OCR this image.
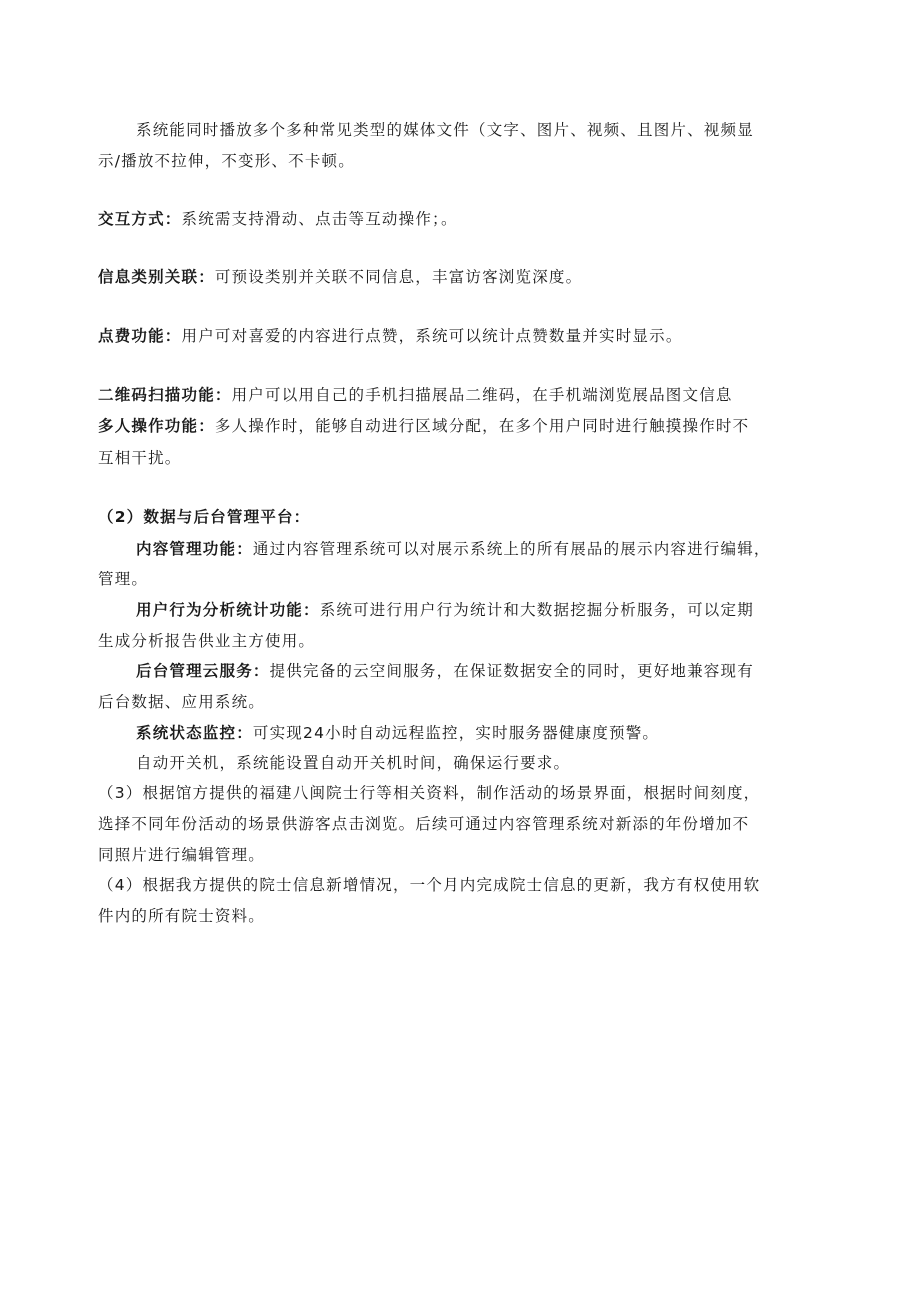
系统能同时播放多个多种常见类型的媒体文件（文字、图片、视频、且图片、视频显
示/播放不拉伸，不变形、不卡顿。
交互方式：系统需支持滑动、点击等互动操作；。
信息类别关联：可预设类别并关联不同信息，丰富访客浏览深度。
点费功能：用户可对喜爱的内容进行点赞，系统可以统计点赞数量并实时显示。
二维码扫描功能：用户可以用自己的手机扫描展品二维码，在手机端浏览展品图文信息
多人操作功能：多人操作时，能够自动进行区域分配，在多个用户同时进行触摸操作时不
互相干扰。
（2）数据与后台管理平台：
内容管理功能：通过内容管理系统可以对展示系统上的所有展品的展示内容进行编辑，
管理。
用户行为分析统计功能：系统可进行用户行为统计和大数据挖掘分析服务，可以定期
生成分析报告供业主方使用。
后台管理云服务：提供完备的云空间服务，在保证数据安全的同时，更好地兼容现有
后台数据、应用系统。
系统状态监控：可实现24小时自动远程监控，实时服务器健康度预警。
自动开关机，系统能设置自动开关机时间，确保运行要求。
（3）根据馆方提供的福建八闽院士行等相关资料，制作活动的场景界面，根据时间刻度，
选择不同年份活动的场景供游客点击浏览。后续可通过内容管理系统对新添的年份增加不
同照片进行编辑管理。
（4）根据我方提供的院士信息新增情况，一个月内完成院士信息的更新，我方有权使用软
件内的所有院士资料。
